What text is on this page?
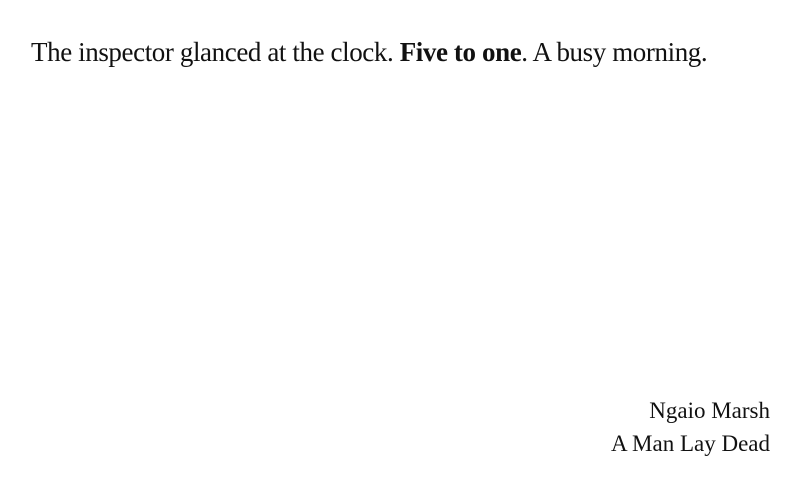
The inspector glanced at the clock. Five to one. A busy morning.

Ngaio Marsh
A Man Lay Dead
